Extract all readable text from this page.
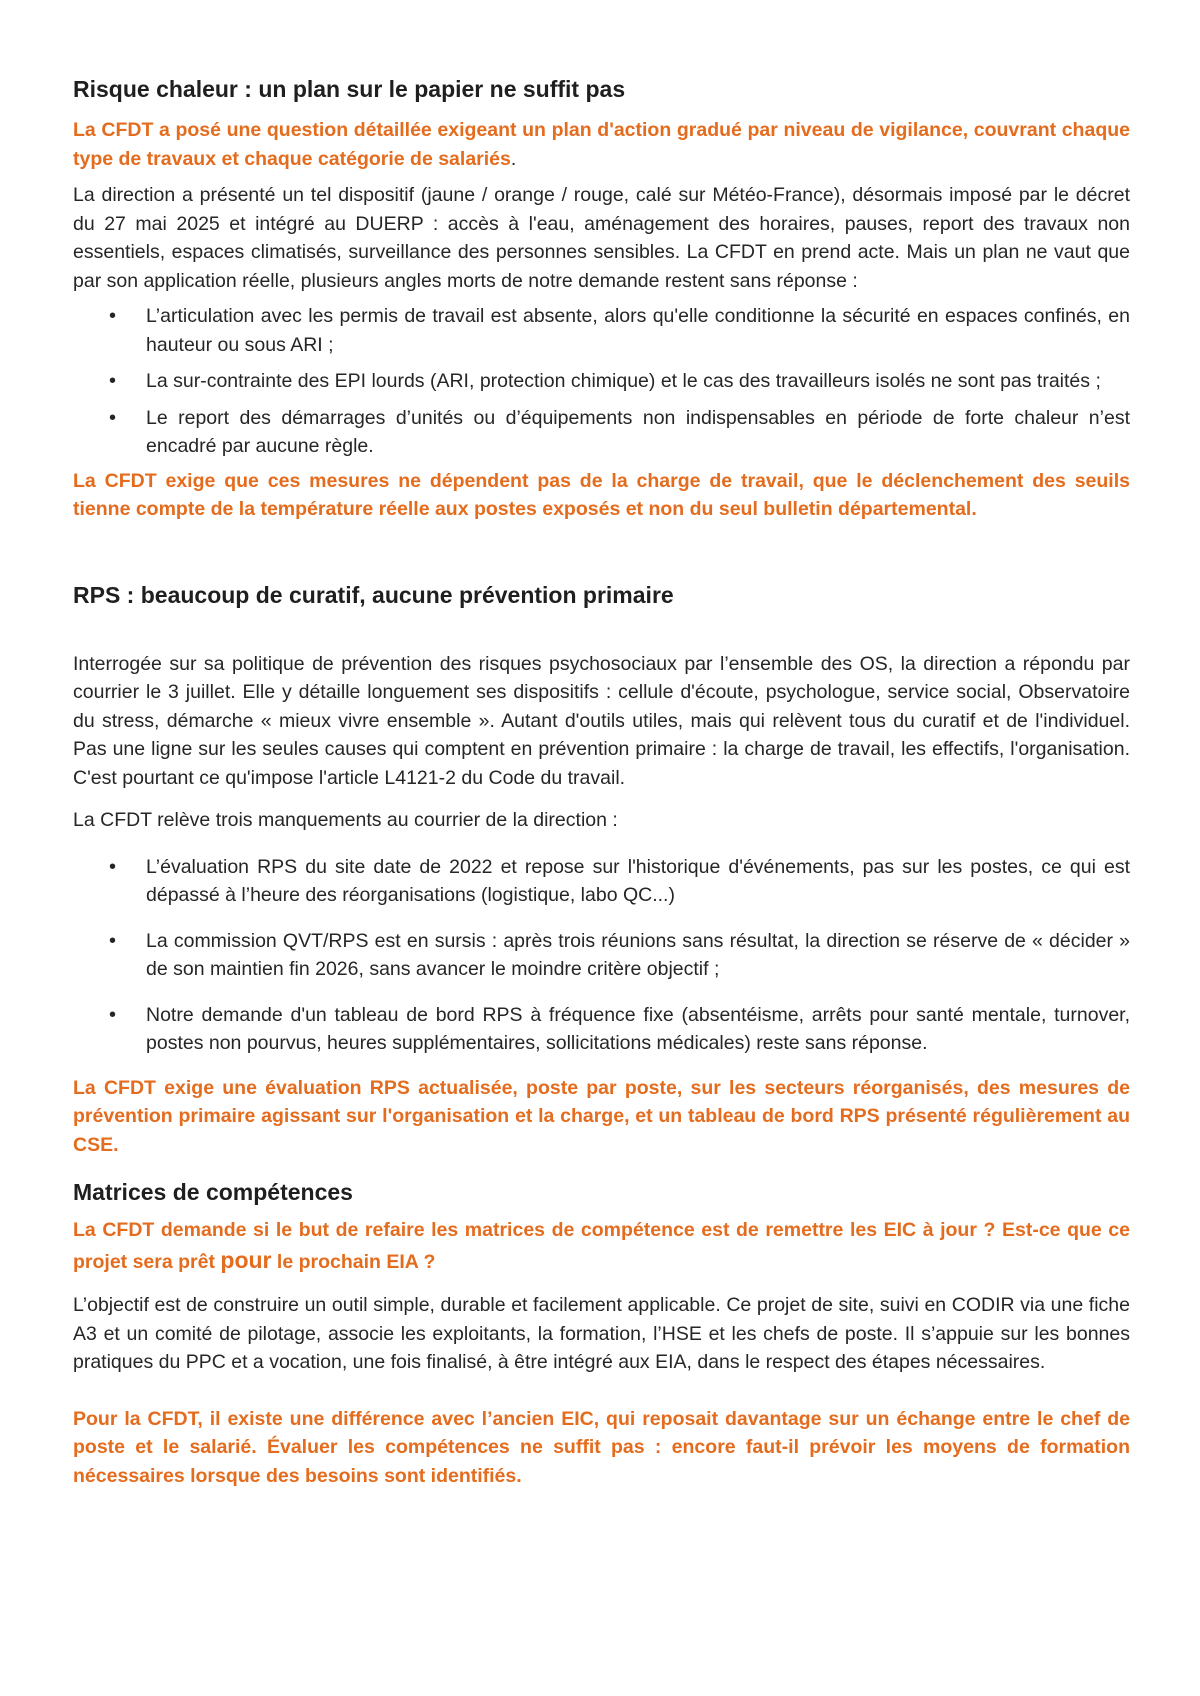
Risque chaleur : un plan sur le papier ne suffit pas

La CFDT a posé une question détaillée exigeant un plan d'action gradué par niveau de vigilance, couvrant chaque type de travaux et chaque catégorie de salariés.

La direction a présenté un tel dispositif (jaune / orange / rouge, calé sur Météo-France), désormais imposé par le décret du 27 mai 2025 et intégré au DUERP : accès à l'eau, aménagement des horaires, pauses, report des travaux non essentiels, espaces climatisés, surveillance des personnes sensibles. La CFDT en prend acte. Mais un plan ne vaut que par son application réelle, plusieurs angles morts de notre demande restent sans réponse :

• L’articulation avec les permis de travail est absente, alors qu'elle conditionne la sécurité en espaces confinés, en hauteur ou sous ARI ;
• La sur-contrainte des EPI lourds (ARI, protection chimique) et le cas des travailleurs isolés ne sont pas traités ;
• Le report des démarrages d’unités ou d’équipements non indispensables en période de forte chaleur n’est encadré par aucune règle.

La CFDT exige que ces mesures ne dépendent pas de la charge de travail, que le déclenchement des seuils tienne compte de la température réelle aux postes exposés et non du seul bulletin départemental.

RPS : beaucoup de curatif, aucune prévention primaire

Interrogée sur sa politique de prévention des risques psychosociaux par l’ensemble des OS, la direction a répondu par courrier le 3 juillet. Elle y détaille longuement ses dispositifs : cellule d'écoute, psychologue, service social, Observatoire du stress, démarche « mieux vivre ensemble ». Autant d'outils utiles, mais qui relèvent tous du curatif et de l'individuel. Pas une ligne sur les seules causes qui comptent en prévention primaire : la charge de travail, les effectifs, l'organisation. C'est pourtant ce qu'impose l'article L4121-2 du Code du travail.

La CFDT relève trois manquements au courrier de la direction :

• L’évaluation RPS du site date de 2022 et repose sur l'historique d'événements, pas sur les postes, ce qui est dépassé à l’heure des réorganisations (logistique, labo QC...)
• La commission QVT/RPS est en sursis : après trois réunions sans résultat, la direction se réserve de « décider » de son maintien fin 2026, sans avancer le moindre critère objectif ;
• Notre demande d'un tableau de bord RPS à fréquence fixe (absentéisme, arrêts pour santé mentale, turnover, postes non pourvus, heures supplémentaires, sollicitations médicales) reste sans réponse.

La CFDT exige une évaluation RPS actualisée, poste par poste, sur les secteurs réorganisés, des mesures de prévention primaire agissant sur l'organisation et la charge, et un tableau de bord RPS présenté régulièrement au CSE.

Matrices de compétences

La CFDT demande si le but de refaire les matrices de compétence est de remettre les EIC à jour ? Est-ce que ce projet sera prêt pour le prochain EIA ?

L’objectif est de construire un outil simple, durable et facilement applicable. Ce projet de site, suivi en CODIR via une fiche A3 et un comité de pilotage, associe les exploitants, la formation, l’HSE et les chefs de poste. Il s’appuie sur les bonnes pratiques du PPC et a vocation, une fois finalisé, à être intégré aux EIA, dans le respect des étapes nécessaires.

Pour la CFDT, il existe une différence avec l’ancien EIC, qui reposait davantage sur un échange entre le chef de poste et le salarié. Évaluer les compétences ne suffit pas : encore faut-il prévoir les moyens de formation nécessaires lorsque des besoins sont identifiés.
